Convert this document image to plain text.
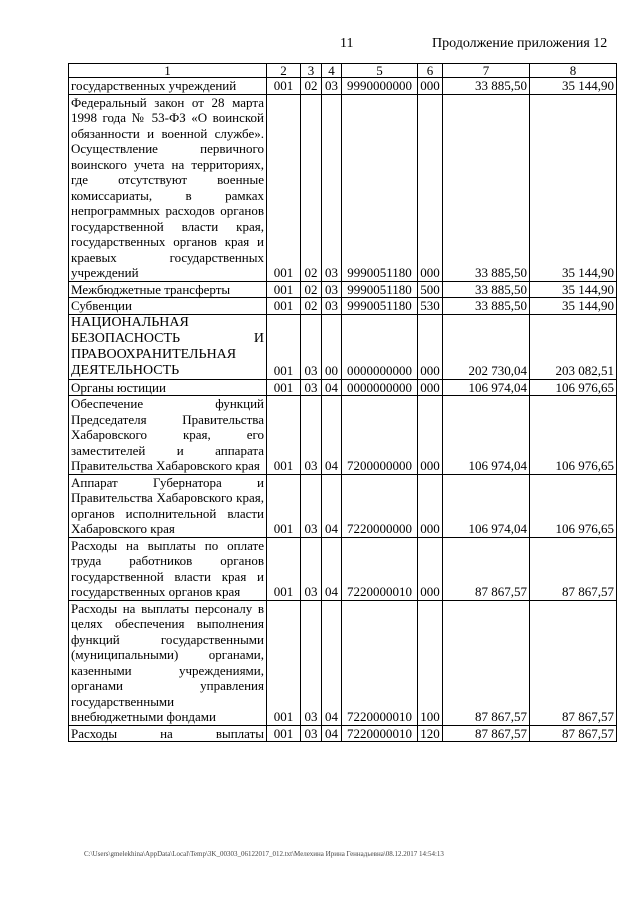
11	Продолжение приложения 12
1	2	3	4	5	6	7	8
государственных учреждений	001	02	03	9990000000	000	33 885,50	35 144,90
Федеральный закон от 28 марта 1998 года № 53-ФЗ «О воинской обязанности и военной службе». Осуществление первичного воинского учета на территориях, где отсутствуют военные комиссариаты, в рамках непрограммных расходов органов государственной власти края, государственных органов края и краевых государственных учреждений	001	02	03	9990051180	000	33 885,50	35 144,90
Межбюджетные трансферты	001	02	03	9990051180	500	33 885,50	35 144,90
Субвенции	001	02	03	9990051180	530	33 885,50	35 144,90
НАЦИОНАЛЬНАЯ БЕЗОПАСНОСТЬ И ПРАВООХРАНИТЕЛЬНАЯ ДЕЯТЕЛЬНОСТЬ	001	03	00	0000000000	000	202 730,04	203 082,51
Органы юстиции	001	03	04	0000000000	000	106 974,04	106 976,65
Обеспечение функций Председателя Правительства Хабаровского края, его заместителей и аппарата Правительства Хабаровского края	001	03	04	7200000000	000	106 974,04	106 976,65
Аппарат Губернатора и Правительства Хабаровского края, органов исполнительной власти Хабаровского края	001	03	04	7220000000	000	106 974,04	106 976,65
Расходы на выплаты по оплате труда работников органов государственной власти края и государственных органов края	001	03	04	7220000010	000	87 867,57	87 867,57
Расходы на выплаты персоналу в целях обеспечения выполнения функций государственными (муниципальными) органами, казенными учреждениями, органами управления государственными внебюджетными фондами	001	03	04	7220000010	100	87 867,57	87 867,57
Расходы на выплаты	001	03	04	7220000010	120	87 867,57	87 867,57
C:\Users\gmelekhina\AppData\Local\Temp\3K_00303_06122017_012.txt\Мелехина Ирина Геннадьевна\08.12.2017 14:54:13
